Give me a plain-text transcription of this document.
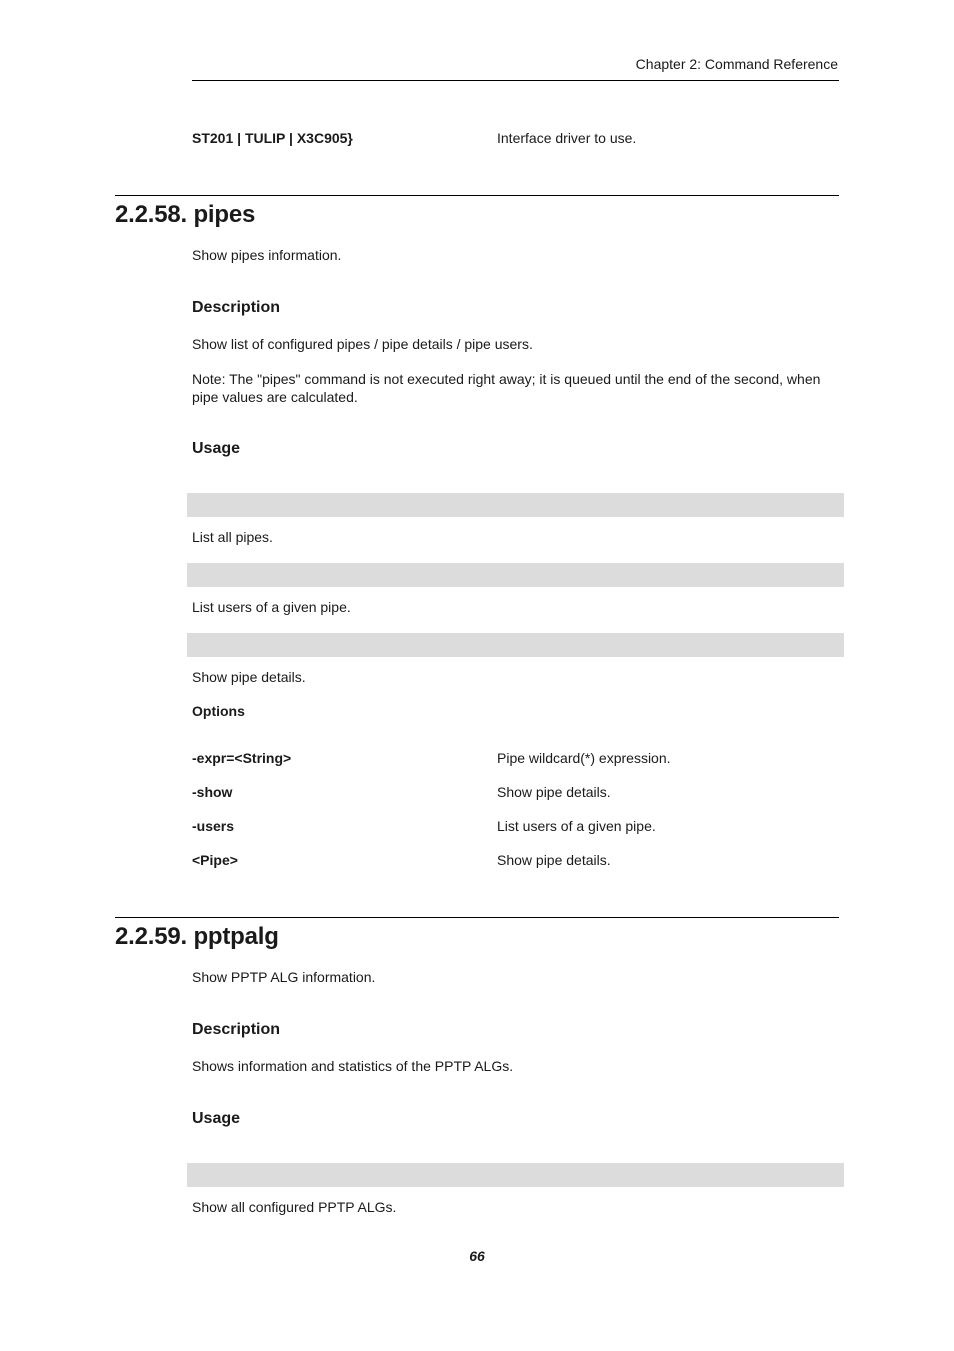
Chapter 2: Command Reference
ST201 | TULIP | X3C905}	Interface driver to use.
2.2.58. pipes
Show pipes information.
Description
Show list of configured pipes / pipe details / pipe users.
Note: The "pipes" command is not executed right away; it is queued until the end of the second, when pipe values are calculated.
Usage
List all pipes.
List users of a given pipe.
Show pipe details.
Options
-expr=<String>	Pipe wildcard(*) expression.
-show	Show pipe details.
-users	List users of a given pipe.
<Pipe>	Show pipe details.
2.2.59. pptpalg
Show PPTP ALG information.
Description
Shows information and statistics of the PPTP ALGs.
Usage
Show all configured PPTP ALGs.
66
